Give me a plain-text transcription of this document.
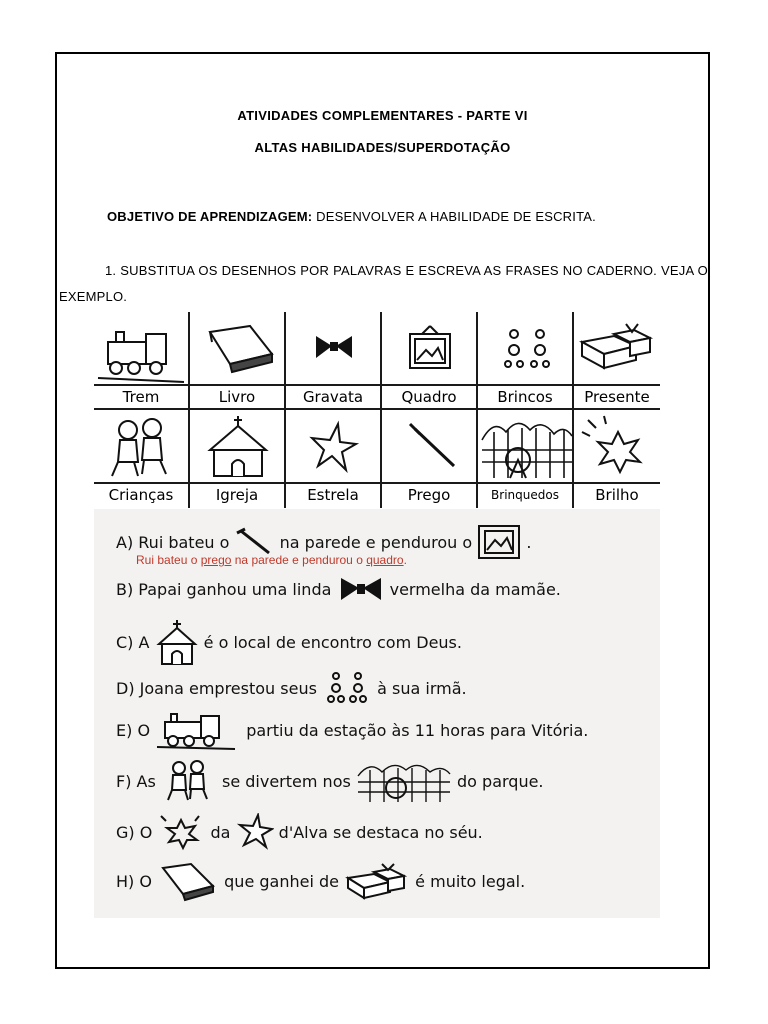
ATIVIDADES COMPLEMENTARES - PARTE VI
ALTAS HABILIDADES/SUPERDOTAÇÃO
OBJETIVO DE APRENDIZAGEM: DESENVOLVER A HABILIDADE DE ESCRITA.
1. SUBSTITUA OS DESENHOS POR PALAVRAS E ESCREVA AS FRASES NO CADERNO. VEJA O EXEMPLO.
Trem	Livro	Gravata	Quadro	Brincos	Presente
Crianças	Igreja	Estrela	Prego	Brinquedos	Brilho
A) Rui bateu o	na parede e pendurou o	.
Rui bateu o prego na parede e pendurou o quadro.
B) Papai ganhou uma linda	vermelha da mamãe.
C) A	é o local de encontro com Deus.
D) Joana emprestou seus	à sua irmã.
E) O	partiu da estação às 11 horas para Vitória.
F) As	se divertem nos	do parque.
G) O	da	d'Alva se destaca no séu.
H) O	que ganhei de	é muito legal.
